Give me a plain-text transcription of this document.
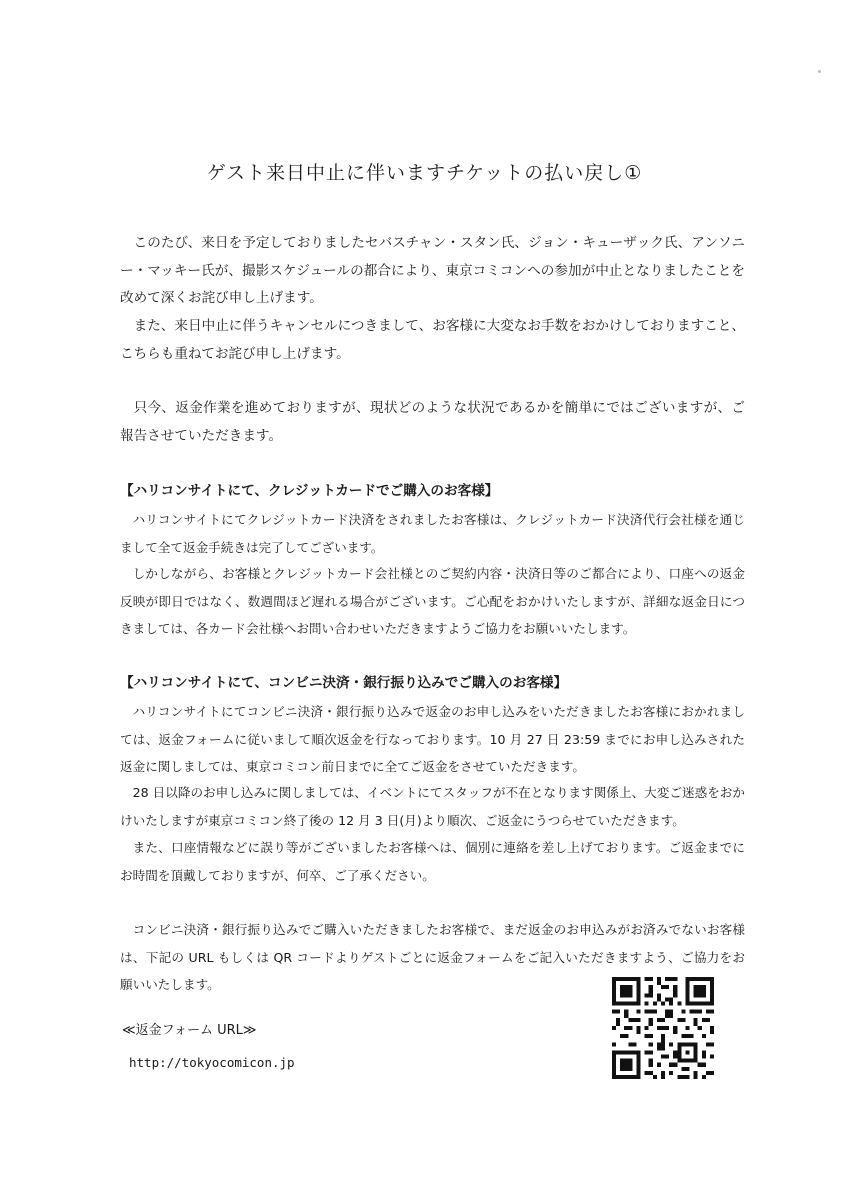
ゲスト来日中止に伴いますチケットの払い戻し①

このたび、来日を予定しておりましたセバスチャン・スタン氏、ジョン・キューザック氏、アンソニー・マッキー氏が、撮影スケジュールの都合により、東京コミコンへの参加が中止となりましたことを改めて深くお詫び申し上げます。

また、来日中止に伴うキャンセルにつきまして、お客様に大変なお手数をおかけしておりますこと、こちらも重ねてお詫び申し上げます。

只今、返金作業を進めておりますが、現状どのような状況であるかを簡単にではございますが、ご報告させていただきます。

【ハリコンサイトにて、クレジットカードでご購入のお客様】

ハリコンサイトにてクレジットカード決済をされましたお客様は、クレジットカード決済代行会社様を通じまして全て返金手続きは完了してございます。

しかしながら、お客様とクレジットカード会社様とのご契約内容・決済日等のご都合により、口座への返金反映が即日ではなく、数週間ほど遅れる場合がございます。ご心配をおかけいたしますが、詳細な返金日につきましては、各カード会社様へお問い合わせいただきますようご協力をお願いいたします。

【ハリコンサイトにて、コンビニ決済・銀行振り込みでご購入のお客様】

ハリコンサイトにてコンビニ決済・銀行振り込みで返金のお申し込みをいただきましたお客様におかれましては、返金フォームに従いまして順次返金を行なっております。10 月 27 日 23:59 までにお申し込みされた返金に関しましては、東京コミコン前日までに全てご返金をさせていただきます。

28 日以降のお申し込みに関しましては、イベントにてスタッフが不在となります関係上、大変ご迷惑をおかけいたしますが東京コミコン終了後の 12 月 3 日(月)より順次、ご返金にうつらせていただきます。

また、口座情報などに誤り等がございましたお客様へは、個別に連絡を差し上げております。ご返金までにお時間を頂戴しておりますが、何卒、ご了承ください。

コンビニ決済・銀行振り込みでご購入いただきましたお客様で、まだ返金のお申込みがお済みでないお客様は、下記の URL もしくは QR コードよりゲストごとに返金フォームをご記入いただきますよう、ご協力をお願いいたします。

≪返金フォーム URL≫

http://tokyocomicon.jp
